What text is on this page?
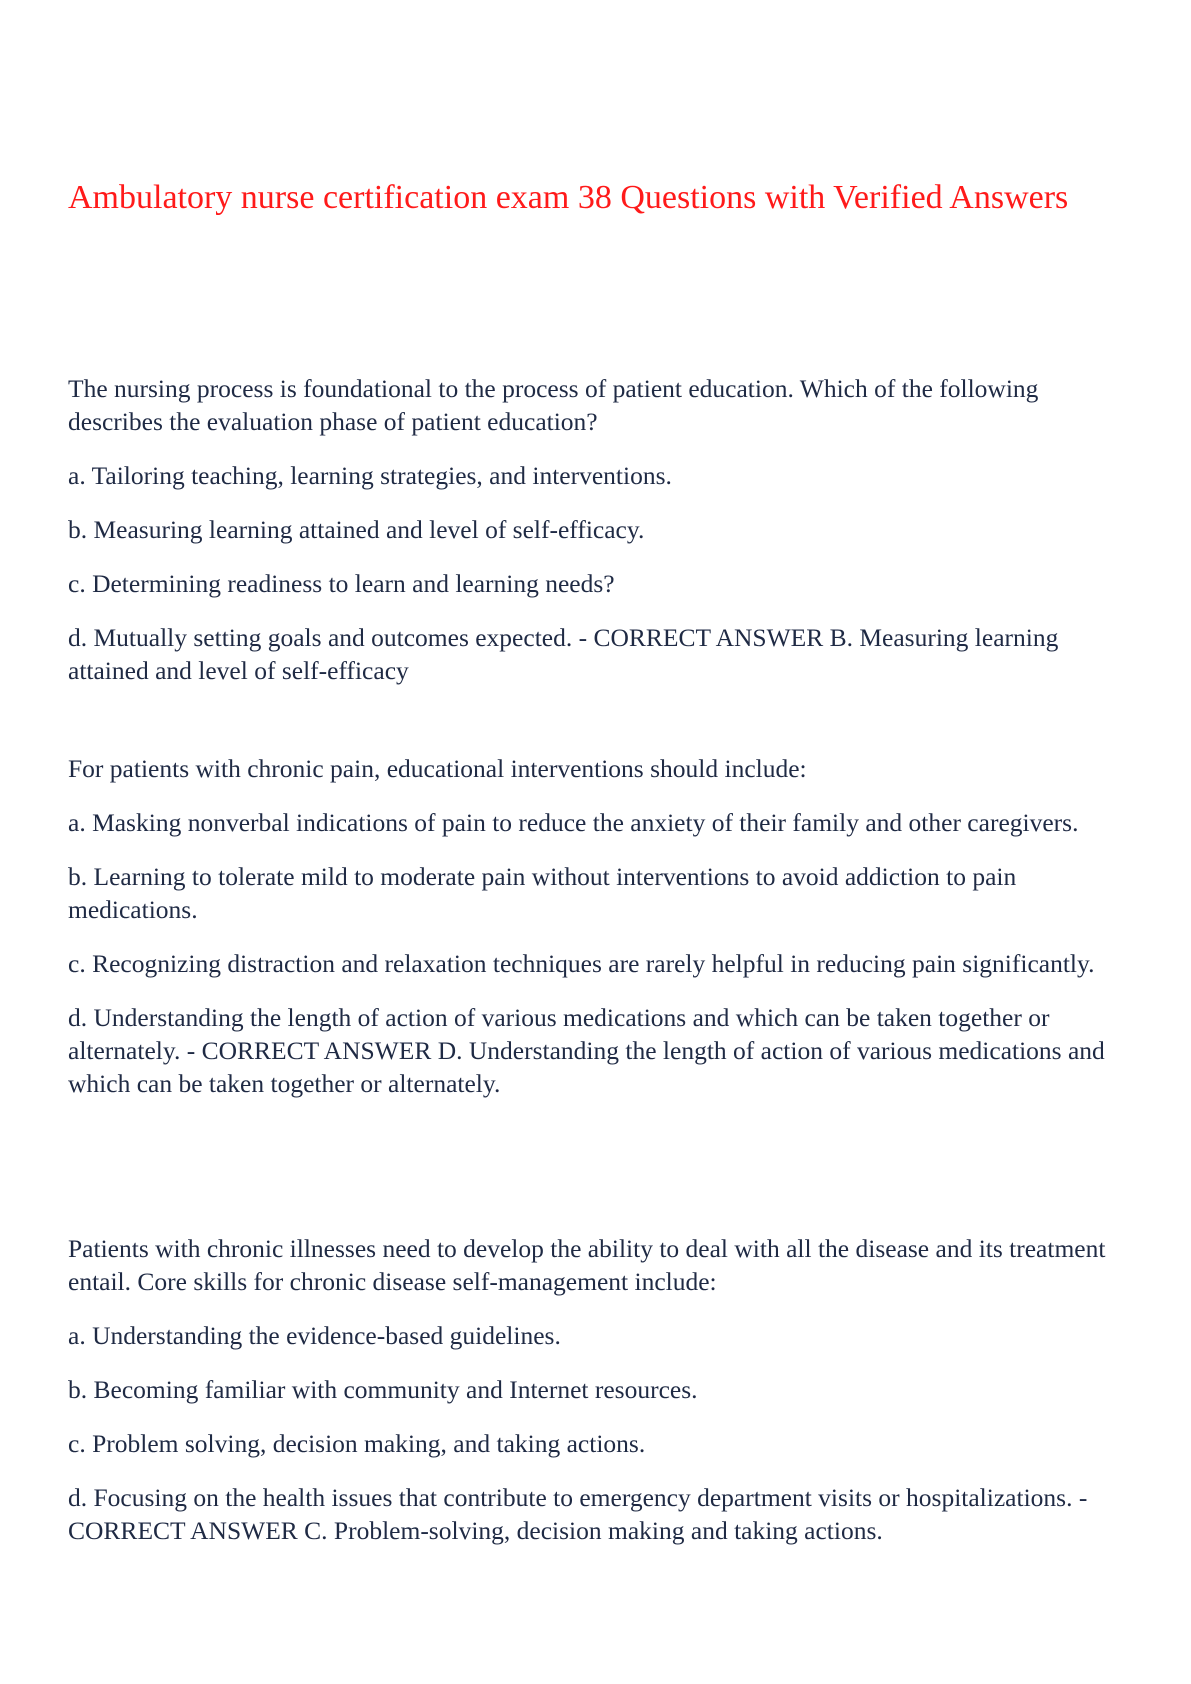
Ambulatory nurse certification exam 38 Questions with Verified Answers

The nursing process is foundational to the process of patient education. Which of the following describes the evaluation phase of patient education?

a. Tailoring teaching, learning strategies, and interventions.

b. Measuring learning attained and level of self-efficacy.

c. Determining readiness to learn and learning needs?

d. Mutually setting goals and outcomes expected. - CORRECT ANSWER B. Measuring learning attained and level of self-efficacy

For patients with chronic pain, educational interventions should include:

a. Masking nonverbal indications of pain to reduce the anxiety of their family and other caregivers.

b. Learning to tolerate mild to moderate pain without interventions to avoid addiction to pain medications.

c. Recognizing distraction and relaxation techniques are rarely helpful in reducing pain significantly.

d. Understanding the length of action of various medications and which can be taken together or alternately. - CORRECT ANSWER D. Understanding the length of action of various medications and which can be taken together or alternately.

Patients with chronic illnesses need to develop the ability to deal with all the disease and its treatment entail. Core skills for chronic disease self-management include:

a. Understanding the evidence-based guidelines.

b. Becoming familiar with community and Internet resources.

c. Problem solving, decision making, and taking actions.

d. Focusing on the health issues that contribute to emergency department visits or hospitalizations. - CORRECT ANSWER C. Problem-solving, decision making and taking actions.
